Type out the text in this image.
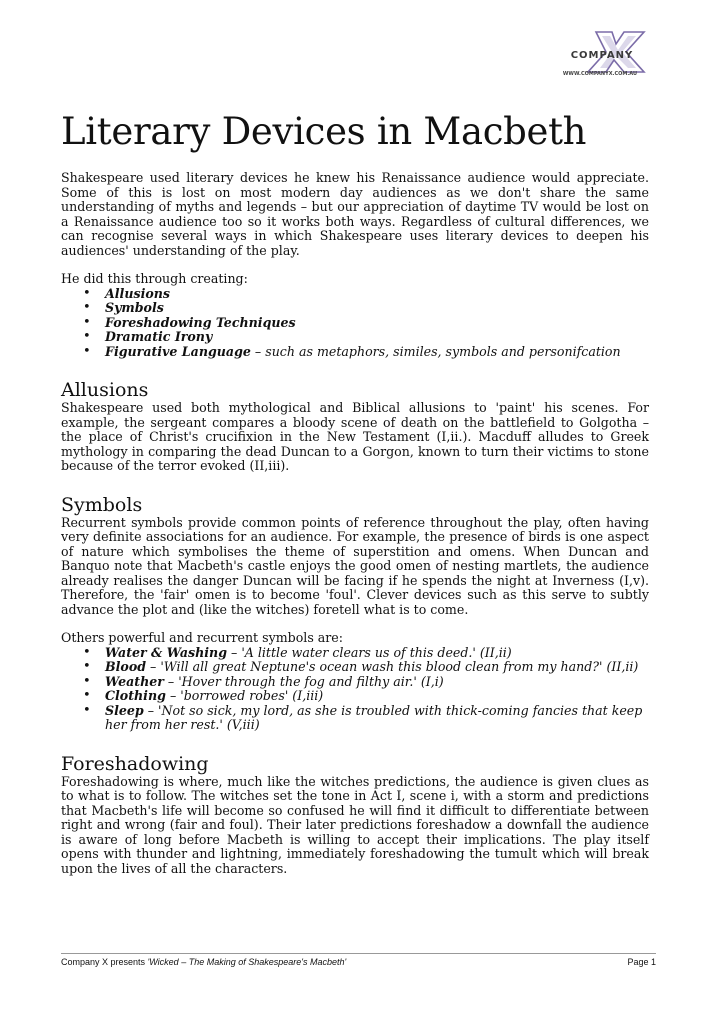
COMPANY
WWW.COMPANYX.COM.AU
Literary Devices in Macbeth

Shakespeare used literary devices he knew his Renaissance audience would appreciate. Some of this is lost on most modern day audiences as we don't share the same understanding of myths and legends – but our appreciation of daytime TV would be lost on a Renaissance audience too so it works both ways. Regardless of cultural differences, we can recognise several ways in which Shakespeare uses literary devices to deepen his audiences' understanding of the play.

He did this through creating:

• Allusions
• Symbols
• Foreshadowing Techniques
• Dramatic Irony
• Figurative Language – such as metaphors, similes, symbols and personifcation
Allusions

Shakespeare used both mythological and Biblical allusions to 'paint' his scenes. For example, the sergeant compares a bloody scene of death on the battlefield to Golgotha – the place of Christ's crucifixion in the New Testament (I,ii.). Macduff alludes to Greek mythology in comparing the dead Duncan to a Gorgon, known to turn their victims to stone because of the terror evoked (II,iii).

Symbols

Recurrent symbols provide common points of reference throughout the play, often having very definite associations for an audience. For example, the presence of birds is one aspect of nature which symbolises the theme of superstition and omens. When Duncan and Banquo note that Macbeth's castle enjoys the good omen of nesting martlets, the audience already realises the danger Duncan will be facing if he spends the night at Inverness (I,v). Therefore, the 'fair' omen is to become 'foul'. Clever devices such as this serve to subtly advance the plot and (like the witches) foretell what is to come.

Others powerful and recurrent symbols are:

• Water & Washing – 'A little water clears us of this deed.' (II,ii)
• Blood – 'Will all great Neptune's ocean wash this blood clean from my hand?' (II,ii)
• Weather – 'Hover through the fog and filthy air.' (I,i)
• Clothing – 'borrowed robes' (I,iii)
• Sleep – 'Not so sick, my lord, as she is troubled with thick-coming fancies that keep her from her rest.' (V,iii)
Foreshadowing

Foreshadowing is where, much like the witches predictions, the audience is given clues as to what is to follow. The witches set the tone in Act I, scene i, with a storm and predictions that Macbeth's life will become so confused he will find it difficult to differentiate between right and wrong (fair and foul). Their later predictions foreshadow a downfall the audience is aware of long before Macbeth is willing to accept their implications. The play itself opens with thunder and lightning, immediately foreshadowing the tumult which will break upon the lives of all the characters.

Company X presents 'Wicked – The Making of Shakespeare's Macbeth'	Page 1
